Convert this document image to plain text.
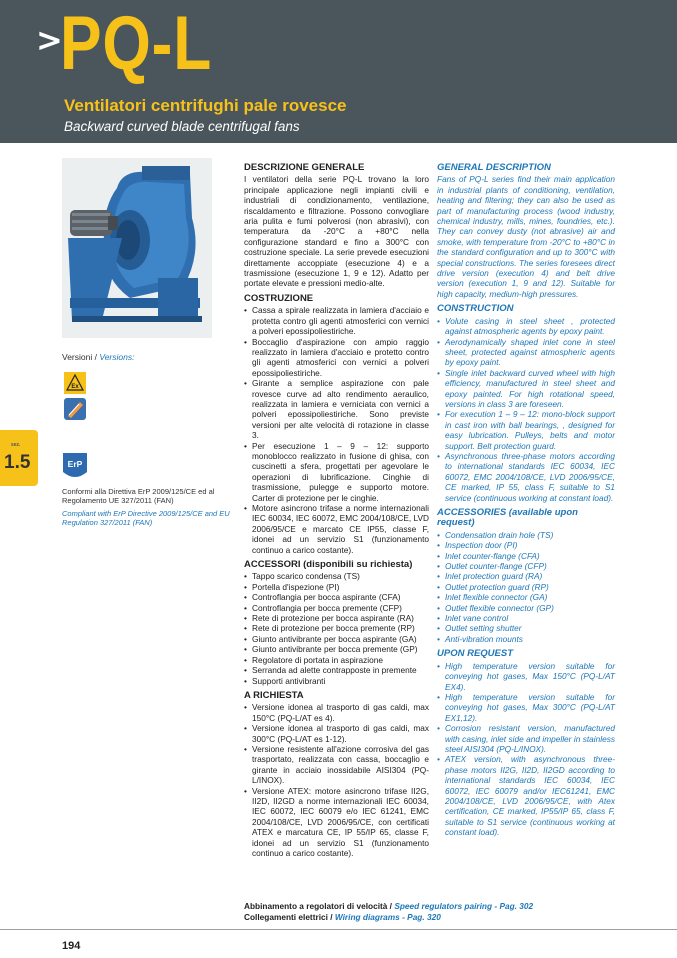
>
PQ-L
Ventilatori centrifughi pale rovesce
Backward curved blade centrifugal fans
Versioni / Versions:
Ex
sez.
1.5	ErP
Conformi alla Direttiva ErP 2009/125/CE ed al Regolamento UE 327/2011 (FAN)
Compliant with ErP Directive 2009/125/CE and EU Regulation 327/2011 (FAN)
DESCRIZIONE GENERALE

I ventilatori della serie PQ-L trovano la loro principale applicazione negli impianti civili e industriali di condizionamento, ventilazione, riscaldamento e filtrazione. Possono convogliare aria pulita e fumi polverosi (non abrasivi), con temperatura da -20°C a +80°C nella configurazione standard e fino a 300°C con costruzione speciale. La serie prevede esecuzioni direttamente accoppiate (esecuzione 4) e a trasmissione (esecuzione 1, 9 e 12). Adatto per portate elevate e pressioni medio-alte.

COSTRUZIONE
• Cassa a spirale realizzata in lamiera d'acciaio e protetta contro gli agenti atmosferici con vernici a polveri epossipoliestiriche.
• Boccaglio d'aspirazione con ampio raggio realizzato in lamiera d'acciaio e protetto contro gli agenti atmosferici con vernici a polveri epossipoliestiriche.
• Girante a semplice aspirazione con pale rovesce curve ad alto rendimento aeraulico, realizzata in lamiera e verniciata con vernici a polveri epossipoliestiriche. Sono previste versioni per alte velocità di rotazione in classe 3.
• Per esecuzione 1 – 9 – 12: supporto monoblocco realizzato in fusione di ghisa, con cuscinetti a sfera, progettati per agevolare le operazioni di lubrificazione. Cinghie di trasmissione, pulegge e supporto motore. Carter di protezione per le cinghie.
• Motore asincrono trifase a norme internazionali IEC 60034, IEC 60072, EMC 2004/108/CE, LVD 2006/95/CE e marcato CE IP55, classe F, idonei ad un servizio S1 (funzionamento continuo a carico costante).
ACCESSORI (disponibili su richiesta)
• Tappo scarico condensa (TS)
• Portella d'ispezione (PI)
• Controflangia per bocca aspirante (CFA)
• Controflangia per bocca premente (CFP)
• Rete di protezione per bocca aspirante (RA)
• Rete di protezione per bocca premente (RP)
• Giunto antivibrante per bocca aspirante (GA)
• Giunto antivibrante per bocca premente (GP)
• Regolatore di portata in aspirazione
• Serranda ad alette contrapposte in premente
• Supporti antivibranti
A RICHIESTA
• Versione idonea al trasporto di gas caldi, max 150°C (PQ-L/AT es 4).
• Versione idonea al trasporto di gas caldi, max 300°C (PQ-L/AT es 1-12).
• Versione resistente all'azione corrosiva del gas trasportato, realizzata con cassa, boccaglio e girante in acciaio inossidabile AISI304 (PQ-L/INOX).
• Versione ATEX: motore asincrono trifase II2G, II2D, II2GD a norme internazionali IEC 60034, IEC 60072, IEC 60079 e/o IEC 61241, EMC 2004/108/CE, LVD 2006/95/CE, con certificati ATEX e marcatura CE, IP 55/IP 65, classe F, idonei ad un servizio S1 (funzionamento continuo a carico costante).
GENERAL DESCRIPTION

Fans of PQ-L series find their main application in industrial plants of conditioning, ventilation, heating and filtering; they can also be used as part of manufacturing process (wood industry, chemical industry, mills, mines, foundries, etc.). They can convey dusty (not abrasive) air and smoke, with temperature from -20°C to +80°C in the standard configuration and up to 300°C with special constructions. The series foresees direct drive version (execution 4) and belt drive version (execution 1, 9 and 12). Suitable for high capacity, medium-high pressures.

CONSTRUCTION
• Volute casing in steel sheet , protected against atmospheric agents by epoxy paint.
• Aerodynamically shaped inlet cone in steel sheet, protected against atmospheric agents by epoxy paint.
• Single inlet backward curved wheel with high efficiency, manufactured in steel sheet and epoxy painted. For high rotational speed, versions in class 3 are foreseen.
• For execution 1 – 9 – 12: mono-block support in cast iron with ball bearings, , designed for easy lubrication. Pulleys, belts and motor support. Belt protection guard.
• Asynchronous three-phase motors according to international standards IEC 60034, IEC 60072, EMC 2004/108/CE, LVD 2006/95/CE, CE marked, IP 55, class F, suitable to S1 service (continuous working at constant load).
ACCESSORIES (available upon request)
• Condensation drain hole (TS)
• Inspection door (PI)
• Inlet counter-flange (CFA)
• Outlet counter-flange (CFP)
• Inlet protection guard (RA)
• Outlet protection guard (RP)
• Inlet flexible connector (GA)
• Outlet flexible connector (GP)
• Inlet vane control
• Outlet setting shutter
• Anti-vibration mounts
UPON REQUEST
• High temperature version suitable for conveying hot gases, Max 150°C (PQ-L/AT EX4).
• High temperature version suitable for conveying hot gases, Max 300°C (PQ-L/AT EX1,12).
• Corrosion resistant version, manufactured with casing, inlet side and impeller in stainless steel AISI304 (PQ-L/INOX).
• ATEX version, with asynchronous three-phase motors II2G, II2D, II2GD according to international standards IEC 60034, IEC 60072, IEC 60079 and/or IEC61241, EMC 2004/108/CE, LVD 2006/95/CE, with Atex certification, CE marked, IP55/IP 65, class F, suitable to S1 service (continuous working at constant load).
Abbinamento a regolatori di velocità / Speed regulators pairing - Pag. 302
Collegamenti elettrici / Wiring diagrams - Pag. 320
194
